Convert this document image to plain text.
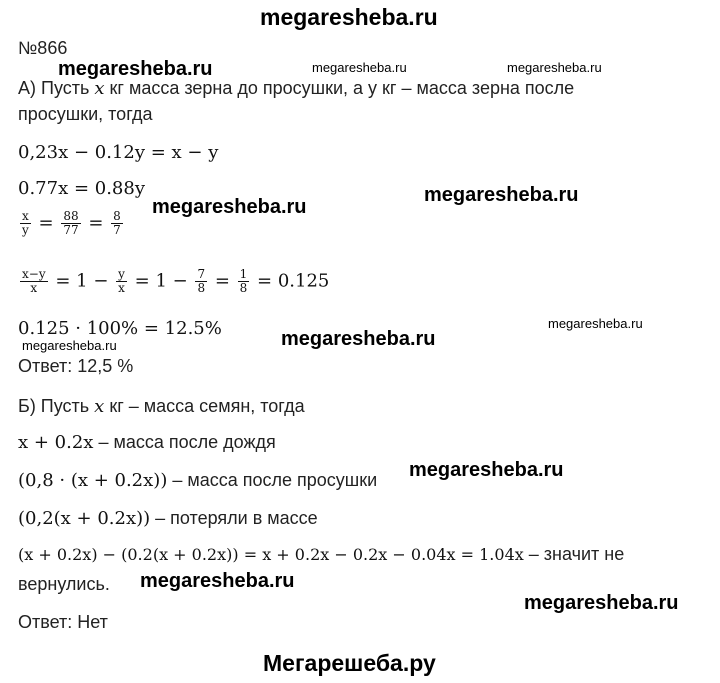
megaresheba.ru
№866
megaresheba.ru	megaresheba.ru	megaresheba.ru
megaresheba.ru
megaresheba.ru
megaresheba.ru
megaresheba.ru
megaresheba.ru
megaresheba.ru
megaresheba.ru
megaresheba.ru
А) Пусть x кг масса зерна до просушки, а у кг – масса зерна после
просушки, тогда
0,23x − 0.12y = x − y
0.77x = 0.88y
$\frac{x}{y} = \frac{88}{77} = \frac{8}{7}$
$\frac{x-y}{x} = 1 - \frac{y}{x} = 1 - \frac{7}{8} = \frac{1}{8} = 0.125$
0.125 · 100% = 12.5%
Ответ: 12,5 %
Б) Пусть x кг – масса семян, тогда
x + 0.2x – масса после дождя
(0,8 · (x + 0.2x)) – масса после просушки
(0,2(x + 0.2x)) – потеряли в массе
(x + 0.2x) − (0.2(x + 0.2x)) = x + 0.2x − 0.2x − 0.04x = 1.04x – значит не
вернулись.
Ответ: Нет
Мегарешеба.ру
